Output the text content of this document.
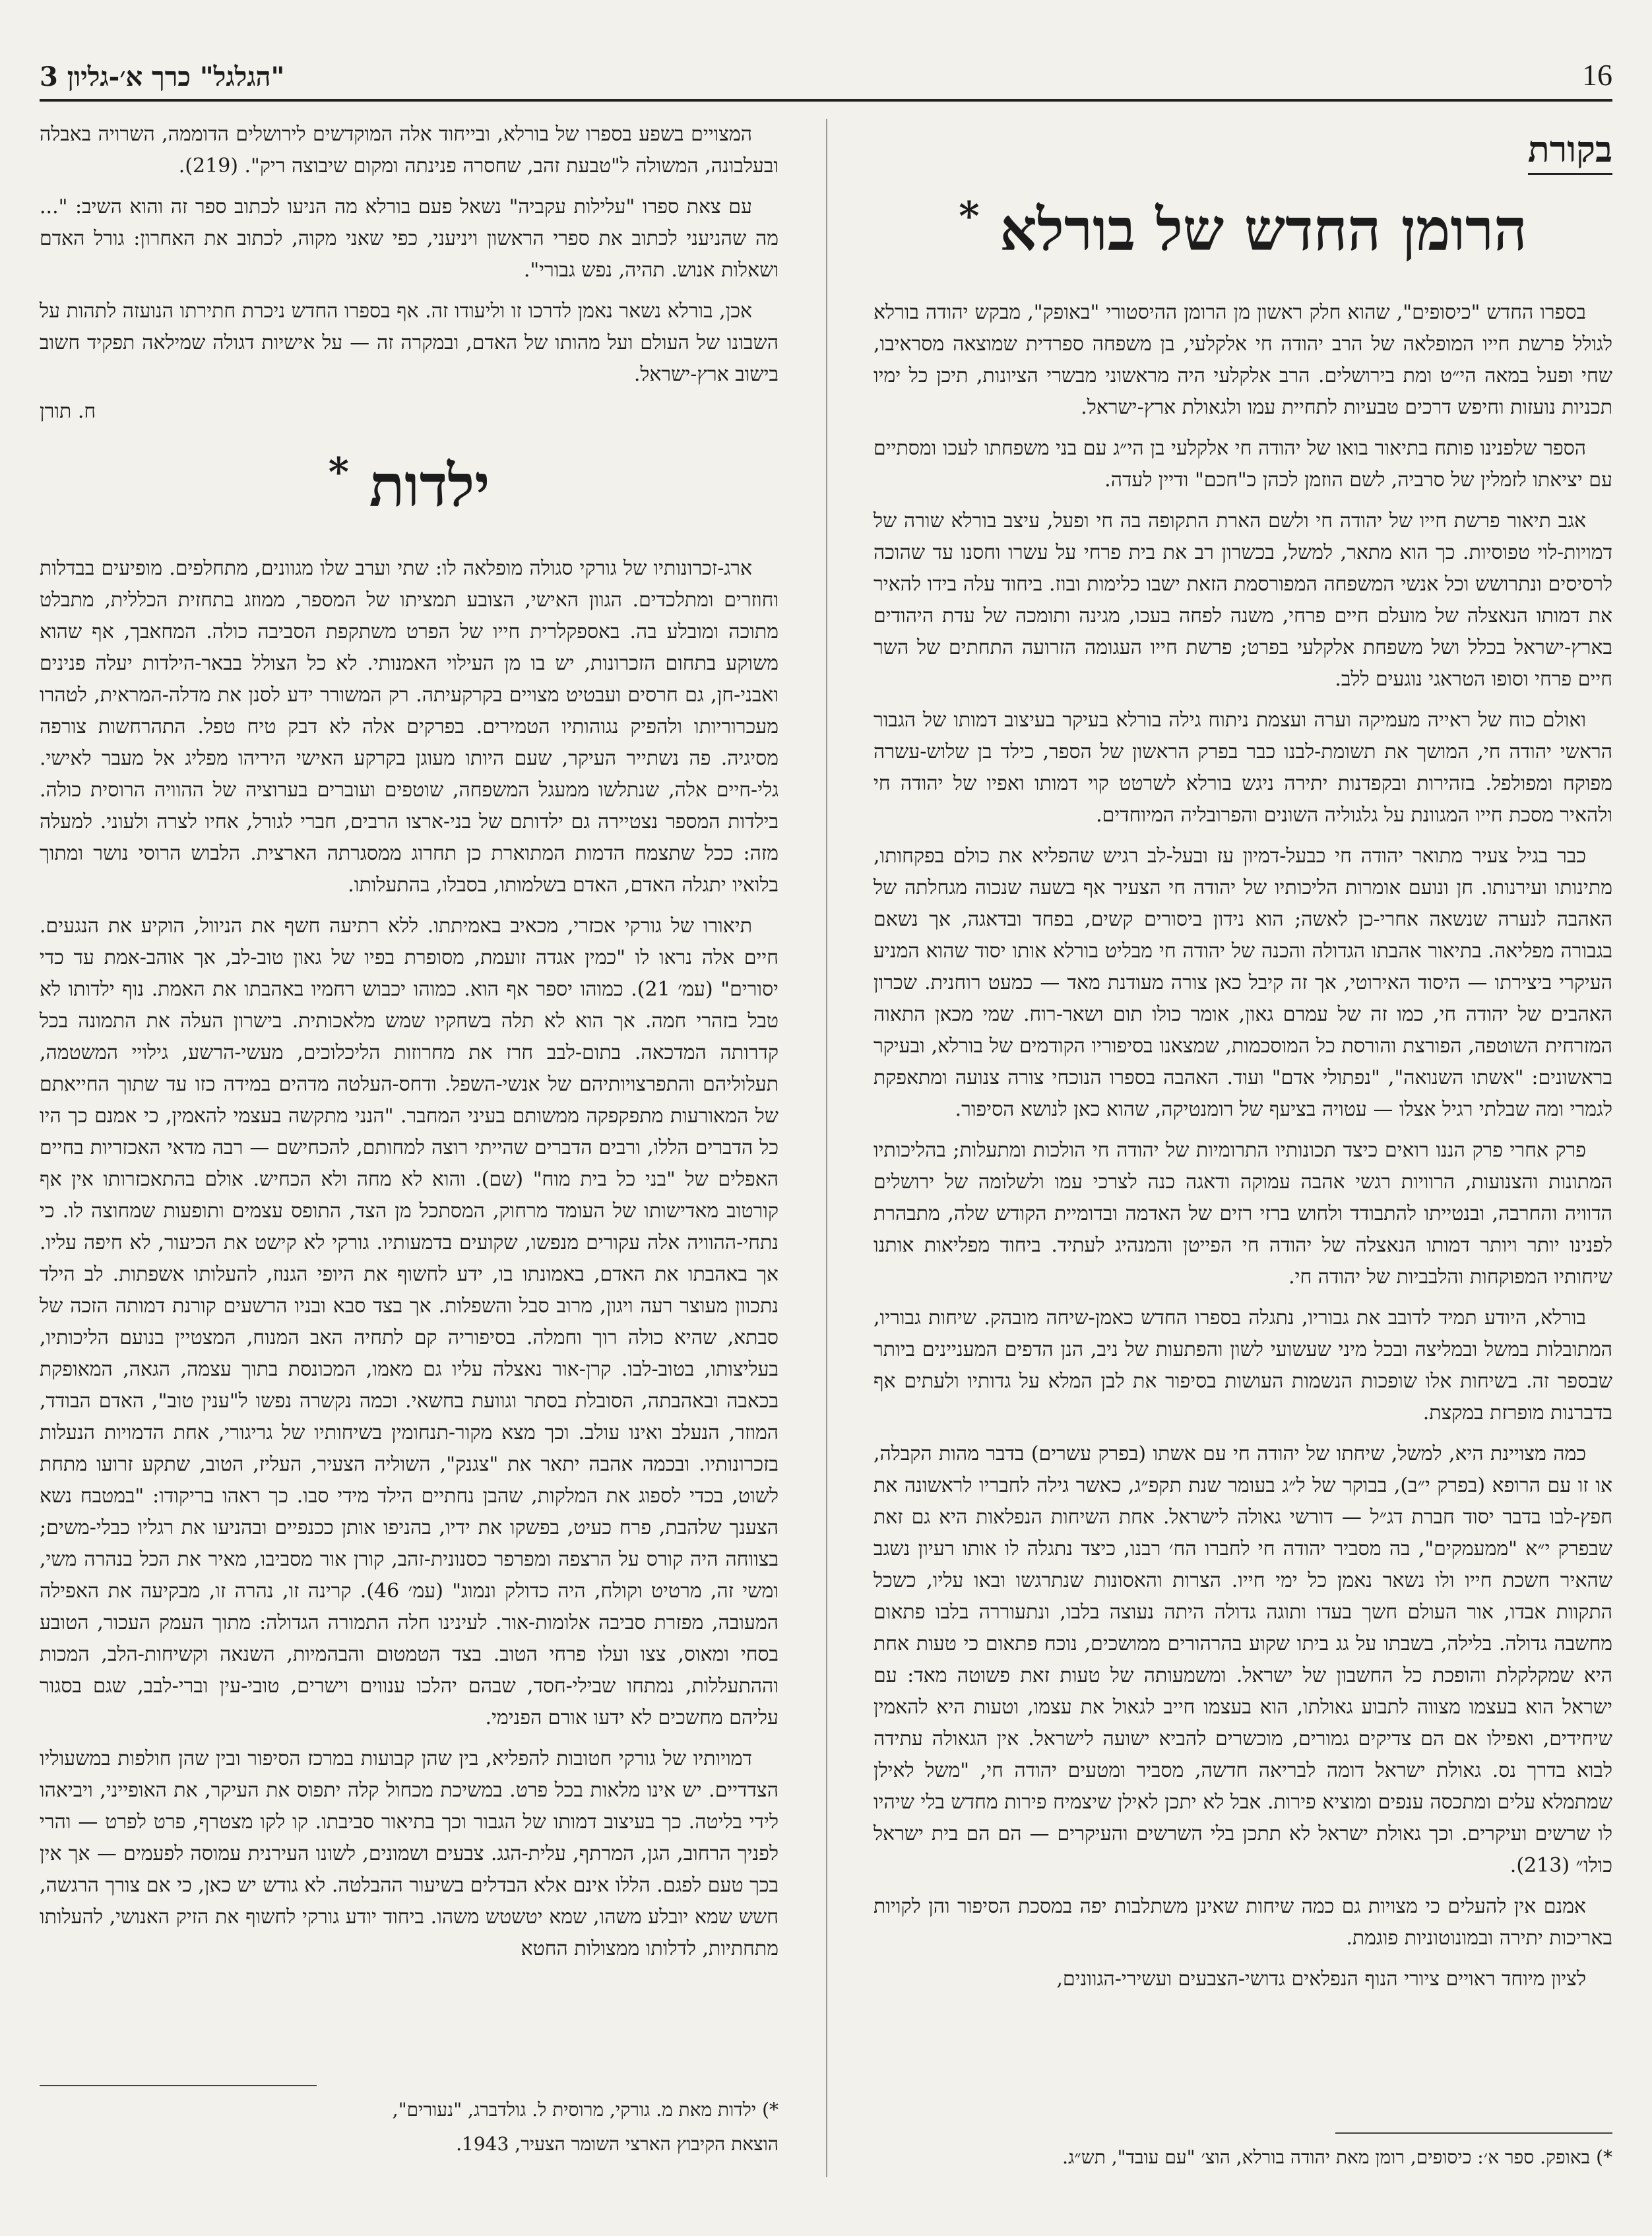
16
"הגלגל" כרך א׳-גליון 3
בקורת
הרומן החדש של בורלא *

בספרו החדש "כיסופים", שהוא חלק ראשון מן הרומן ההיסטורי "באופק", מבקש יהודה בורלא לגולל פרשת חייו המופלאה של הרב יהודה חי אלקלעי, בן משפחה ספרדית שמוצאה מסראיבו, שחי ופעל במאה הי״ט ומת בירושלים. הרב אלקלעי היה מראשוני מבשרי הציונות, תיכן כל ימיו תכניות נועזות וחיפש דרכים טבעיות לתחיית עמו ולגאולת ארץ-ישראל.

הספר שלפנינו פותח בתיאור בואו של יהודה חי אלקלעי בן הי״ג עם בני משפחתו לעכו ומסתיים עם יציאתו לזמלין של סרביה, לשם הוזמן לכהן כ"חכם" ודיין לעדה.

אגב תיאור פרשת חייו של יהודה חי ולשם הארת התקופה בה חי ופעל, עיצב בורלא שורה של דמויות-לוי טפוסיות. כך הוא מתאר, למשל, בכשרון רב את בית פרחי על עשרו וחסנו עד שהוכה לרסיסים ונתרושש וכל אנשי המשפחה המפורסמת הזאת ישבו כלימות ובוז. ביחוד עלה בידו להאיר את דמותו הנאצלה של מועלם חיים פרחי, משנה לפחה בעכו, מגינה ותומכה של עדת היהודים בארץ-ישראל בכלל ושל משפחת אלקלעי בפרט; פרשת חייו העגומה הזרועה התחתים של השר חיים פרחי וסופו הטראגי נוגעים ללב.

ואולם כוח של ראייה מעמיקה וערה ועצמת ניתוח גילה בורלא בעיקר בעיצוב דמותו של הגבור הראשי יהודה חי, המושך את תשומת-לבנו כבר בפרק הראשון של הספר, כילד בן שלוש-עשרה מפוקח ומפולפל. בזהירות ובקפדנות יתירה ניגש בורלא לשרטט קוי דמותו ואפיו של יהודה חי ולהאיר מסכת חייו המגוונת על גלגוליה השונים והפרובליה המיוחדים.

כבר בגיל צעיר מתואר יהודה חי כבעל-דמיון עז ובעל-לב רגיש שהפליא את כולם בפקחותו, מתינותו ועירנותו. חן ונועם אומרות הליכותיו של יהודה חי הצעיר אף בשעה שנכוה מגחלתה של האהבה לנערה שנשאה אחרי-כן לאשה; הוא נידון ביסורים קשים, בפחד ובדאגה, אך נשאם בגבורה מפליאה. בתיאור אהבתו הגדולה והכנה של יהודה חי מבליט בורלא אותו יסוד שהוא המניע העיקרי ביצירתו — היסוד האירוטי, אך זה קיבל כאן צורה מעודנת מאד — כמעט רוחנית. שכרון האהבים של יהודה חי, כמו זה של עמרם גאון, אומר כולו תום ושאר-רוח. שמי מכאן התאוה המזרחית השוטפה, הפורצת והורסת כל המוסכמות, שמצאנו בסיפוריו הקודמים של בורלא, ובעיקר בראשונים: "אשתו השנואה", "נפתולי אדם" ועוד. האהבה בספרו הנוכחי צורה צנועה ומתאפקת לגמרי ומה שבלתי רגיל אצלו — עטויה בציעף של רומנטיקה, שהוא כאן לנושא הסיפור.

פרק אחרי פרק הננו רואים כיצד תכונותיו התרומיות של יהודה חי הולכות ומתעלות; בהליכותיו המתונות והצנועות, הרוויות רגשי אהבה עמוקה ודאגה כנה לצרכי עמו ולשלומה של ירושלים הדוויה והחרבה, ובנטייתו להתבודד ולחוש ברזי רזים של האדמה ובדומיית הקודש שלה, מתבהרת לפנינו יותר ויותר דמותו הנאצלה של יהודה חי הפייטן והמנהיג לעתיד. ביחוד מפליאות אותנו שיחותיו המפוקחות והלבביות של יהודה חי.

בורלא, היודע תמיד לדובב את גבוריו, נתגלה בספרו החדש כאמן-שיחה מובהק. שיחות גבוריו, המתובלות במשל ובמליצה ובכל מיני שעשועי לשון והפתעות של ניב, הנן הדפים המעניינים ביותר שבספר זה. בשיחות אלו שופכות הנשמות העושות בסיפור את לבן המלא על גדותיו ולעתים אף בדברנות מופרזת במקצת.

כמה מצויינת היא, למשל, שיחתו של יהודה חי עם אשתו (בפרק עשרים) בדבר מהות הקבלה, או זו עם הרופא (בפרק י״ב), בבוקר של ל״ג בעומר שנת תקפ״ג, כאשר גילה לחבריו לראשונה את חפץ-לבו בדבר יסוד חברת דג״ל — דורשי גאולה לישראל. אחת השיחות הנפלאות היא גם זאת שבפרק י״א "ממעמקים", בה מסביר יהודה חי לחברו הח׳ רבנו, כיצד נתגלה לו אותו רעיון נשגב שהאיר חשכת חייו ולו נשאר נאמן כל ימי חייו. הצרות והאסונות שנתרגשו ובאו עליו, כשכל התקוות אבדו, אור העולם חשך בעדו ותוגה גדולה היתה נעוצה בלבו, ונתעוררה בלבו פתאום מחשבה גדולה. בלילה, בשבתו על גג ביתו שקוע בהרהורים ממושכים, נוכח פתאום כי טעות אחת היא שמקלקלת והופכת כל החשבון של ישראל. ומשמעותה של טעות זאת פשוטה מאד: עם ישראל הוא בעצמו מצווה לתבוע גאולתו, הוא בעצמו חייב לגאול את עצמו, וטעות היא להאמין שיחידים, ואפילו אם הם צדיקים גמורים, מוכשרים להביא ישועה לישראל. אין הגאולה עתידה לבוא בדרך נס. גאולת ישראל דומה לבריאה חדשה, מסביר ומטעים יהודה חי, "משל לאילן שמתמלא עלים ומתכסה ענפים ומוציא פירות. אבל לא יתכן לאילן שיצמיח פירות מחדש בלי שיהיו לו שרשים ועיקרים. וכך גאולת ישראל לא תתכן בלי השרשים והעיקרים — הם הם בית ישראל כולו״ (213).

אמנם אין להעלים כי מצויות גם כמה שיחות שאינן משתלבות יפה במסכת הסיפור והן לקויות באריכות יתירה ובמונוטוניות פוגמת.

לציון מיוחד ראויים ציורי הנוף הנפלאים גדושי-הצבעים ועשירי-הגוונים,

*) באופק. ספר א׳: כיסופים, רומן מאת יהודה בורלא, הוצ׳ "עם עובד", תש״ג.

המצויים בשפע בספרו של בורלא, ובייחוד אלה המוקדשים לירושלים הדוממה, השרויה באבלה ובעלבונה, המשולה ל"טבעת זהב, שחסרה פנינתה ומקום שיבוצה ריק". (219).

עם צאת ספרו "עלילות עקביה" נשאל פעם בורלא מה הניעו לכתוב ספר זה והוא השיב: "... מה שהניעני לכתוב את ספרי הראשון ויניעני, כפי שאני מקוה, לכתוב את האחרון: גורל האדם ושאלות אנוש. תהיה, נפש גבורי".

אכן, בורלא נשאר נאמן לדרכו זו וליעודו זה. אף בספרו החדש ניכרת חתירתו הנועזה לתהות על השבונו של העולם ועל מהותו של האדם, ובמקרה זה — על אישיות דגולה שמילאה תפקיד חשוב בישוב ארץ-ישראל.

ח. תורן
ילדות *

ארג-זכרונותיו של גורקי סגולה מופלאה לו: שתי וערב שלו מגוונים, מתחלפים. מופיעים בבדלות וחוזרים ומתלכדים. הגוון האישי, הצובע תמציתו של המספר, ממוזג בתחזית הכללית, מתבלט מתוכה ומובלע בה. באספקלרית חייו של הפרט משתקפת הסביבה כולה. המחאבך, אף שהוא משוקע בתחום הזכרונות, יש בו מן העילוי האמנותי. לא כל הצולל בבאר-הילדות יעלה פנינים ואבני-חן, גם חרסים ועבטיט מצויים בקרקעיתה. רק המשורר ידע לסנן את מדלה-המראית, לטהרו מעכרוריותו ולהפיק נגוהותיו הטמירים. בפרקים אלה לא דבק טיח טפל. התהרחשות צורפה מסיגיה. פה נשתייר העיקר, שעם היותו מעוגן בקרקע האישי היריהו מפליג אל מעבר לאישי. גלי-חיים אלה, שנתלשו ממעגל המשפחה, שוטפים ועוברים בערוציה של ההוויה הרוסית כולה. בילדות המספר נצטיירה גם ילדותם של בני-ארצו הרבים, חברי לגורל, אחיו לצרה ולעוני. למעלה מזה: ככל שתצמח הדמות המתוארת כן תחרוג ממסגרתה הארצית. הלבוש הרוסי נושר ומתוך בלואיו יתגלה האדם, האדם בשלמותו, בסבלו, בהתעלותו.

תיאורו של גורקי אכזרי, מכאיב באמיתתו. ללא רתיעה חשף את הניוול, הוקיע את הנגעים. חיים אלה נראו לו "כמין אגדה זועמת, מסופרת בפיו של גאון טוב-לב, אך אוהב-אמת עד כדי יסורים" (עמ׳ 21). כמוהו יספר אף הוא. כמוהו יכבוש רחמיו באהבתו את האמת. נוף ילדותו לא טבל בזהרי חמה. אך הוא לא תלה בשחקיו שמש מלאכותית. בישרון העלה את התמונה בכל קדרותה המדכאה. בתום-לבב חרז את מחרוזות הליכלוכים, מעשי-הרשע, גילויי המשטמה, תעלוליהם והתפרצויותיהם של אנשי-השפל. ודחס-העלטה מדהים במידה כזו עד שתוך החייאתם של המאורעות מתפקפקה ממשותם בעיני המחבר. "הנני מתקשה בעצמי להאמין, כי אמנם כך היו כל הדברים הללו, ורבים הדברים שהייתי רוצה למחותם, להכחישם — רבה מדאי האכזריות בחיים האפלים של "בני כל בית מוח" (שם). והוא לא מחה ולא הכחיש. אולם בהתאכזרותו אין אף קורטוב מאדישותו של העומד מרחוק, המסתכל מן הצד, התופס עצמים ותופעות שמחוצה לו. כי נתחי-ההוויה אלה עקורים מנפשו, שקועים בדמעותיו. גורקי לא קישט את הכיעור, לא חיפה עליו. אך באהבתו את האדם, באמונתו בו, ידע לחשוף את היופי הגנוז, להעלותו אשפתות. לב הילד נתכוון מעוצר רעה ויגון, מרוב סבל והשפלות. אך בצד סבא ובניו הרשעים קורנת דמותה הזכה של סבתא, שהיא כולה רוך וחמלה. בסיפוריה קם לתחיה האב המנוח, המצטיין בנועם הליכותיו, בעליצותו, בטוב-לבו. קרן-אור נאצלה עליו גם מאמו, המכונסת בתוך עצמה, הגאה, המאופקת בכאבה ובאהבתה, הסובלת בסתר וגוועת בחשאי. וכמה נקשרה נפשו ל"ענין טוב", האדם הבודד, המוזר, הנעלב ואינו עולב. וכך מצא מקור-תנחומין בשיחותיו של גריגורי, אחת הדמויות הנעלות בזכרונותיו. ובכמה אהבה יתאר את "צגנק", השוליה הצעיר, העליז, הטוב, שתקע זרועו מתחת לשוט, בכדי לספוג את המלקות, שהבן נחתיים הילד מידי סבו. כך ראהו בריקודו: "במטבח נשא הצענך שלהבת, פרח כעיט, בפשקו את ידיו, בהניפו אותן ככנפיים ובהניעו את רגליו כבלי-משים; בצווחה היה קורס על הרצפה ומפרפר כסנונית-זהב, קורן אור מסביבו, מאיר את הכל בנהרה משי, ומשי זה, מרטיט וקולח, היה כדולק ונמוג" (עמ׳ 46). קרינה זו, נהרה זו, מבקיעה את האפילה המעובה, מפזרת סביבה אלומות-אור. לעינינו חלה התמורה הגדולה: מתוך העמק העכור, הטובע בסחי ומאוס, צצו ועלו פרחי הטוב. בצד הטמטום והבהמיות, השנאה וקשיחות-הלב, המכות וההתעללות, נמתחו שבילי-חסד, שבהם יהלכו ענווים וישרים, טובי-עין וברי-לבב, שגם בסגור עליהם מחשכים לא ידעו אורם הפנימי.

דמויותיו של גורקי חטובות להפליא, בין שהן קבועות במרכז הסיפור ובין שהן חולפות במשעוליו הצדדיים. יש אינו מלאות בכל פרט. במשיכת מכחול קלה יתפוס את העיקר, את האופייני, ויביאהו לידי בליטה. כך בעיצוב דמותו של הגבור וכך בתיאור סביבתו. קו לקו מצטרף, פרט לפרט — והרי לפניך הרחוב, הגן, המרתף, עלית-הגג. צבעים ושמונים, לשונו העירנית עמוסה לפעמים — אך אין בכך טעם לפגם. הללו אינם אלא הבדלים בשיעור ההבלטה. לא גודש יש כאן, כי אם צורך הרגשה, חשש שמא יובלע משהו, שמא יטשטש משהו. ביחוד יודע גורקי לחשוף את הזיק האנושי, להעלותו מתחתיות, לדלותו ממצולות החטא

*) ילדות מאת מ. גורקי, מרוסית ל. גולדברג, "נעורים",

הוצאת הקיבוץ הארצי השומר הצעיר, 1943.
